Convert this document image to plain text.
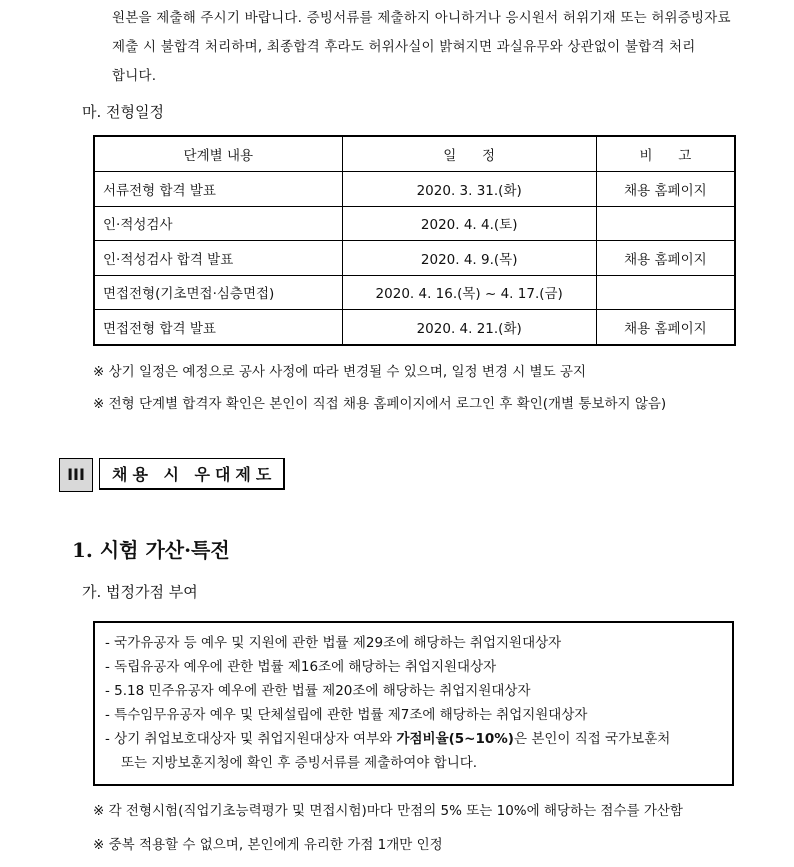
원본을 제출해 주시기 바랍니다. 증빙서류를 제출하지 아니하거나 응시원서 허위기재 또는 허위증빙자료
제출 시 불합격 처리하며, 최종합격 후라도 허위사실이 밝혀지면 과실유무와 상관없이 불합격 처리
합니다.
마. 전형일정
단계별 내용	일      정	비      고
서류전형 합격 발표	2020. 3. 31.(화)	채용 홈페이지
인·적성검사	2020. 4. 4.(토)	
인·적성검사 합격 발표	2020. 4. 9.(목)	채용 홈페이지
면접전형(기초면접·심층면접)	2020. 4. 16.(목) ~ 4. 17.(금)	
면접전형 합격 발표	2020. 4. 21.(화)	채용 홈페이지
※ 상기 일정은 예정으로 공사 사정에 따라 변경될 수 있으며, 일정 변경 시 별도 공지
※ 전형 단계별 합격자 확인은 본인이 직접 채용 홈페이지에서 로그인 후 확인(개별 통보하지 않음)
III	채용 시 우대제도
1. 시험 가산·특전
가. 법정가점 부여
- 국가유공자 등 예우 및 지원에 관한 법률 제29조에 해당하는 취업지원대상자
- 독립유공자 예우에 관한 법률 제16조에 해당하는 취업지원대상자
- 5.18 민주유공자 예우에 관한 법률 제20조에 해당하는 취업지원대상자
- 특수임무유공자 예우 및 단체설립에 관한 법률 제7조에 해당하는 취업지원대상자
- 상기 취업보호대상자 및 취업지원대상자 여부와 가점비율(5~10%)은 본인이 직접 국가보훈처
또는 지방보훈지청에 확인 후 증빙서류를 제출하여야 합니다.
※ 각 전형시험(직업기초능력평가 및 면접시험)마다 만점의 5% 또는 10%에 해당하는 점수를 가산함
※ 중복 적용할 수 없으며, 본인에게 유리한 가점 1개만 인정
